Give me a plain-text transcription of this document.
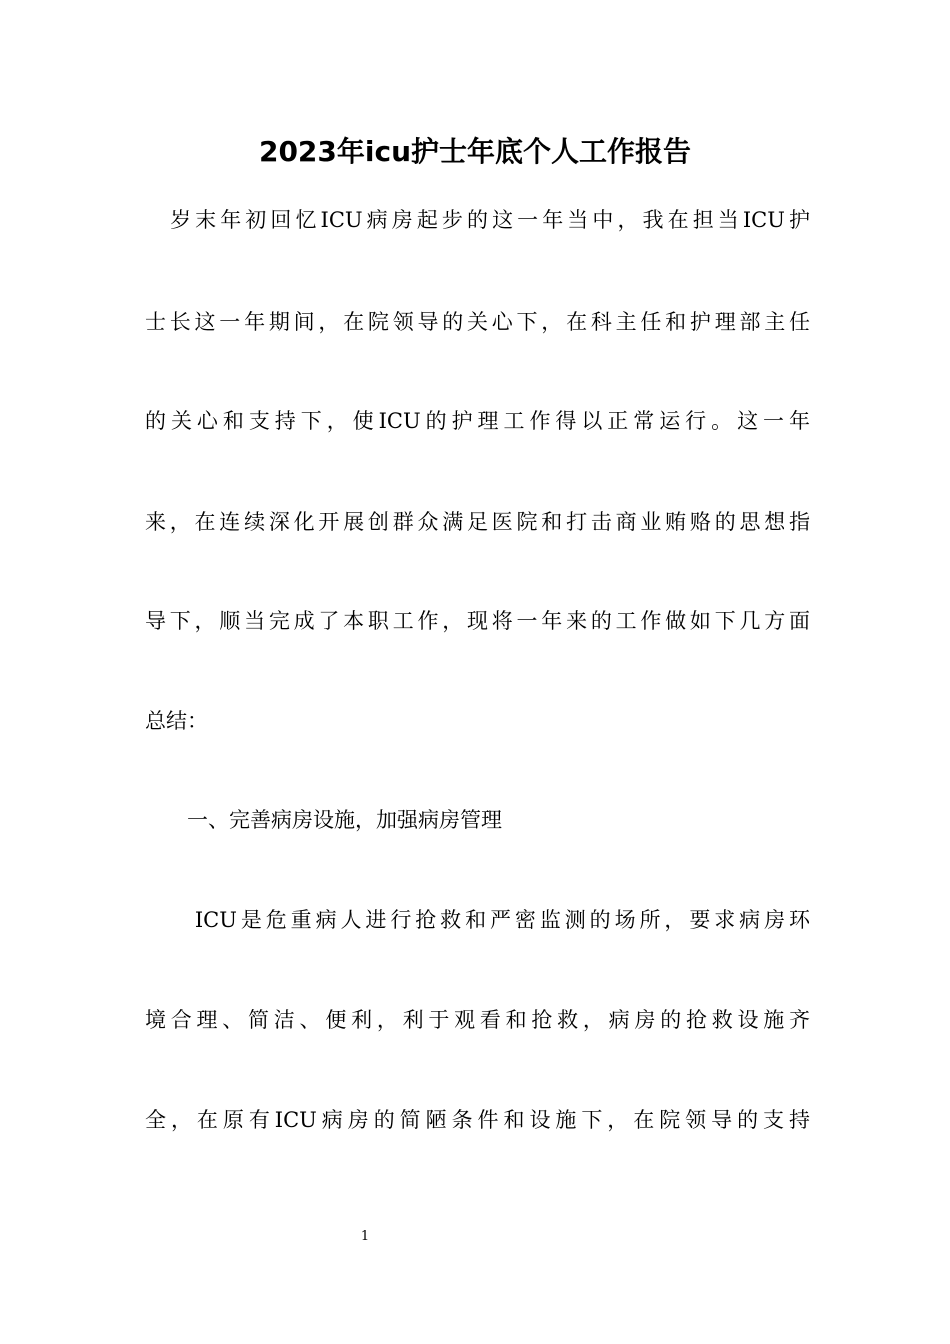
2023年icu护士年底个人工作报告

　岁末年初回忆ICU病房起步的这一年当中，我在担当ICU护

士长这一年期间，在院领导的关心下，在科主任和护理部主任

的关心和支持下，使ICU的护理工作得以正常运行。这一年

来，在连续深化开展创群众满足医院和打击商业贿赂的思想指

导下，顺当完成了本职工作，现将一年来的工作做如下几方面

总结：

　　一、完善病房设施，加强病房管理

　　ICU是危重病人进行抢救和严密监测的场所，要求病房环

境合理、简洁、便利，利于观看和抢救，病房的抢救设施齐

全，在原有ICU病房的简陋条件和设施下，在院领导的支持

1
